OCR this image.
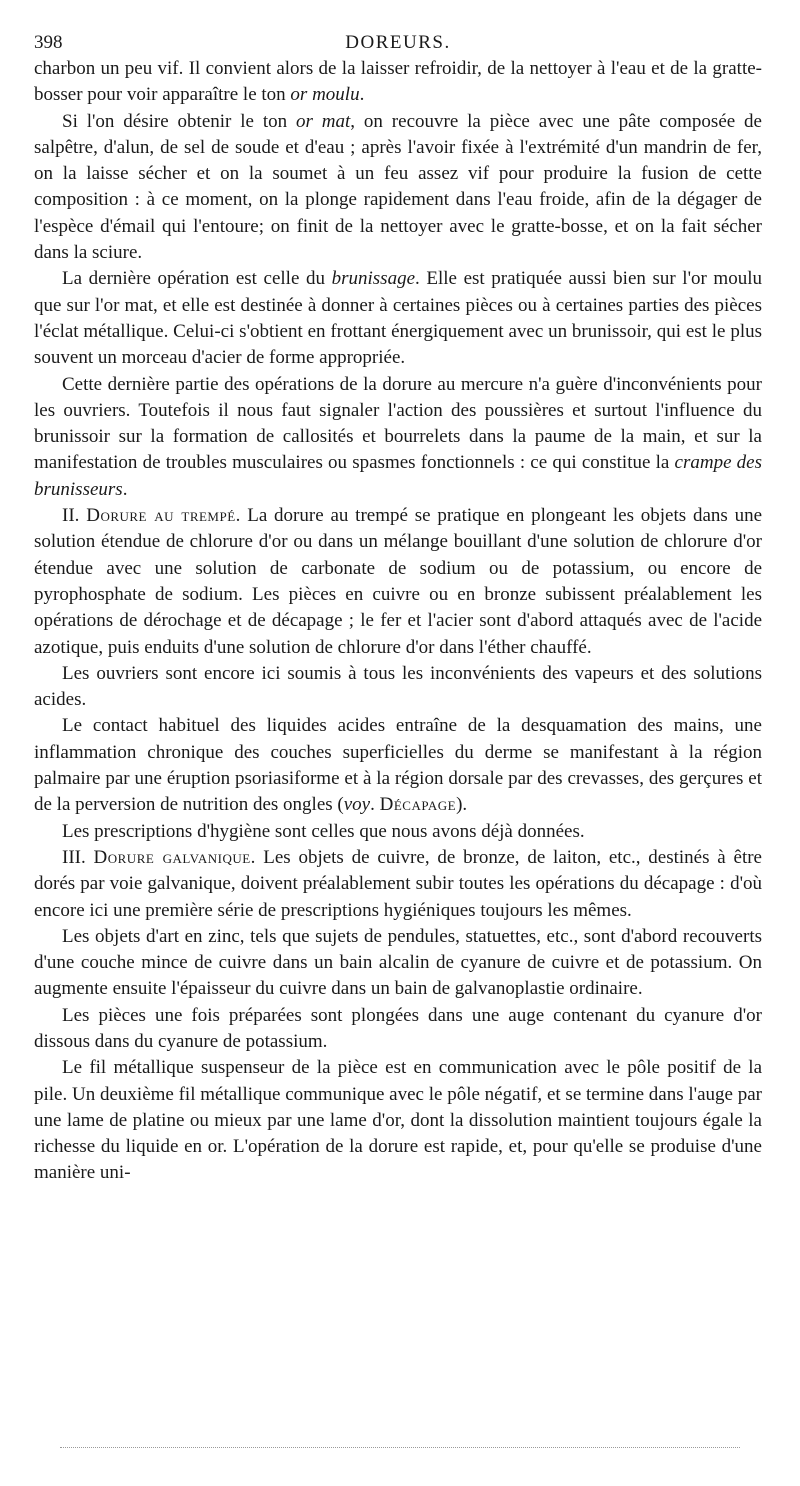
398	DOREURS.

charbon un peu vif. Il convient alors de la laisser refroidir, de la nettoyer à l'eau et de la gratte-bosser pour voir apparaître le ton or moulu.

Si l'on désire obtenir le ton or mat, on recouvre la pièce avec une pâte composée de salpêtre, d'alun, de sel de soude et d'eau ; après l'avoir fixée à l'extrémité d'un mandrin de fer, on la laisse sécher et on la soumet à un feu assez vif pour produire la fusion de cette composition : à ce moment, on la plonge rapidement dans l'eau froide, afin de la dégager de l'espèce d'émail qui l'entoure; on finit de la nettoyer avec le gratte-bosse, et on la fait sécher dans la sciure.

La dernière opération est celle du brunissage. Elle est pratiquée aussi bien sur l'or moulu que sur l'or mat, et elle est destinée à donner à certaines pièces ou à certaines parties des pièces l'éclat métallique. Celui-ci s'obtient en frottant énergiquement avec un brunissoir, qui est le plus souvent un morceau d'acier de forme appropriée.

Cette dernière partie des opérations de la dorure au mercure n'a guère d'inconvénients pour les ouvriers. Toutefois il nous faut signaler l'action des poussières et surtout l'influence du brunissoir sur la formation de callosités et bourrelets dans la paume de la main, et sur la manifestation de troubles musculaires ou spasmes fonctionnels : ce qui constitue la crampe des brunisseurs.

II. Dorure au trempé. La dorure au trempé se pratique en plongeant les objets dans une solution étendue de chlorure d'or ou dans un mélange bouillant d'une solution de chlorure d'or étendue avec une solution de carbonate de sodium ou de potassium, ou encore de pyrophosphate de sodium. Les pièces en cuivre ou en bronze subissent préalablement les opérations de dérochage et de décapage ; le fer et l'acier sont d'abord attaqués avec de l'acide azotique, puis enduits d'une solution de chlorure d'or dans l'éther chauffé.

Les ouvriers sont encore ici soumis à tous les inconvénients des vapeurs et des solutions acides.

Le contact habituel des liquides acides entraîne de la desquamation des mains, une inflammation chronique des couches superficielles du derme se manifestant à la région palmaire par une éruption psoriasiforme et à la région dorsale par des crevasses, des gerçures et de la perversion de nutrition des ongles (voy. Décapage).

Les prescriptions d'hygiène sont celles que nous avons déjà données.

III. Dorure galvanique. Les objets de cuivre, de bronze, de laiton, etc., destinés à être dorés par voie galvanique, doivent préalablement subir toutes les opérations du décapage : d'où encore ici une première série de prescriptions hygiéniques toujours les mêmes.

Les objets d'art en zinc, tels que sujets de pendules, statuettes, etc., sont d'abord recouverts d'une couche mince de cuivre dans un bain alcalin de cyanure de cuivre et de potassium. On augmente ensuite l'épaisseur du cuivre dans un bain de galvanoplastie ordinaire.

Les pièces une fois préparées sont plongées dans une auge contenant du cyanure d'or dissous dans du cyanure de potassium.

Le fil métallique suspenseur de la pièce est en communication avec le pôle positif de la pile. Un deuxième fil métallique communique avec le pôle négatif, et se termine dans l'auge par une lame de platine ou mieux par une lame d'or, dont la dissolution maintient toujours égale la richesse du liquide en or. L'opération de la dorure est rapide, et, pour qu'elle se produise d'une manière uni-
